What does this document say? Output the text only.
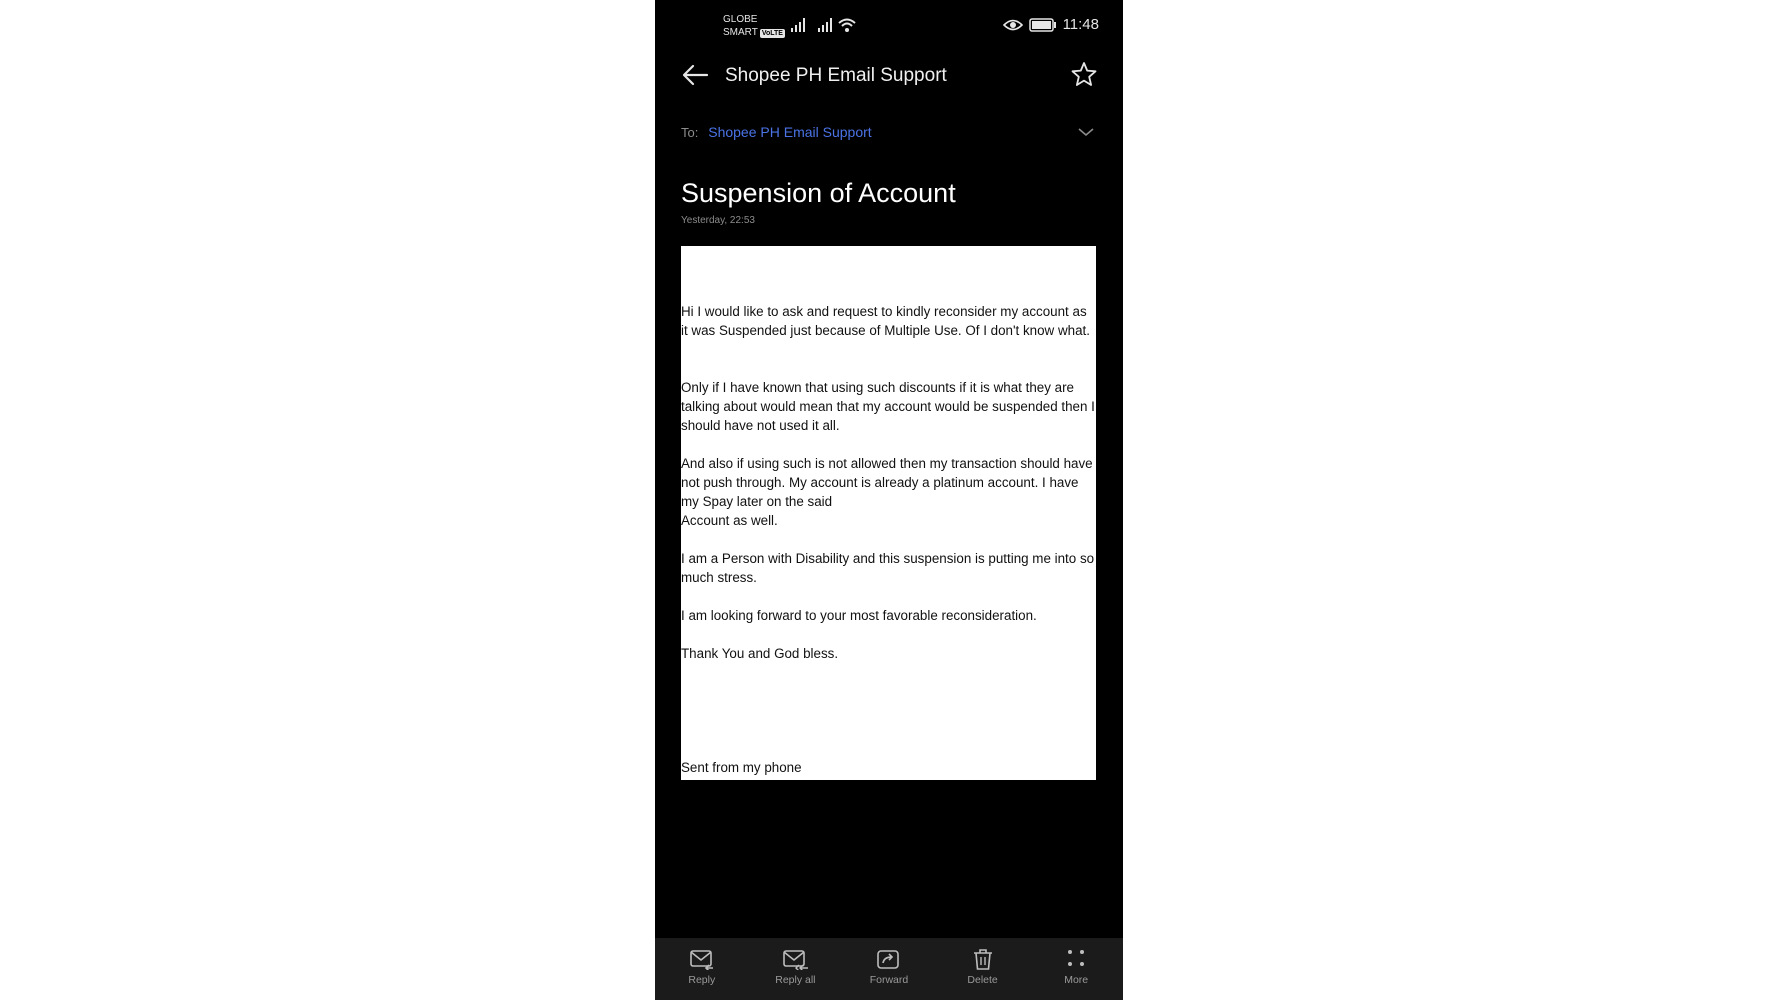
GLOBE
SMART VoLTE
11:48
Shopee PH Email Support
To: Shopee PH Email Support
Suspension of Account
Yesterday, 22:53

Hi I would like to ask and request to kindly reconsider my account as it was Suspended just because of Multiple Use. Of I don't know what.

Only if I have known that using such discounts if it is what they are talking about would mean that my account would be suspended then I should have not used it all.

And also if using such is not allowed then my transaction should have not push through. My account is already a platinum account. I have my Spay later on the said
Account as well.

I am a Person with Disability and this suspension is putting me into so much stress.

I am looking forward to your most favorable reconsideration.

Thank You and God bless.

Sent from my phone

Reply	Reply all	Forward	Delete	More
